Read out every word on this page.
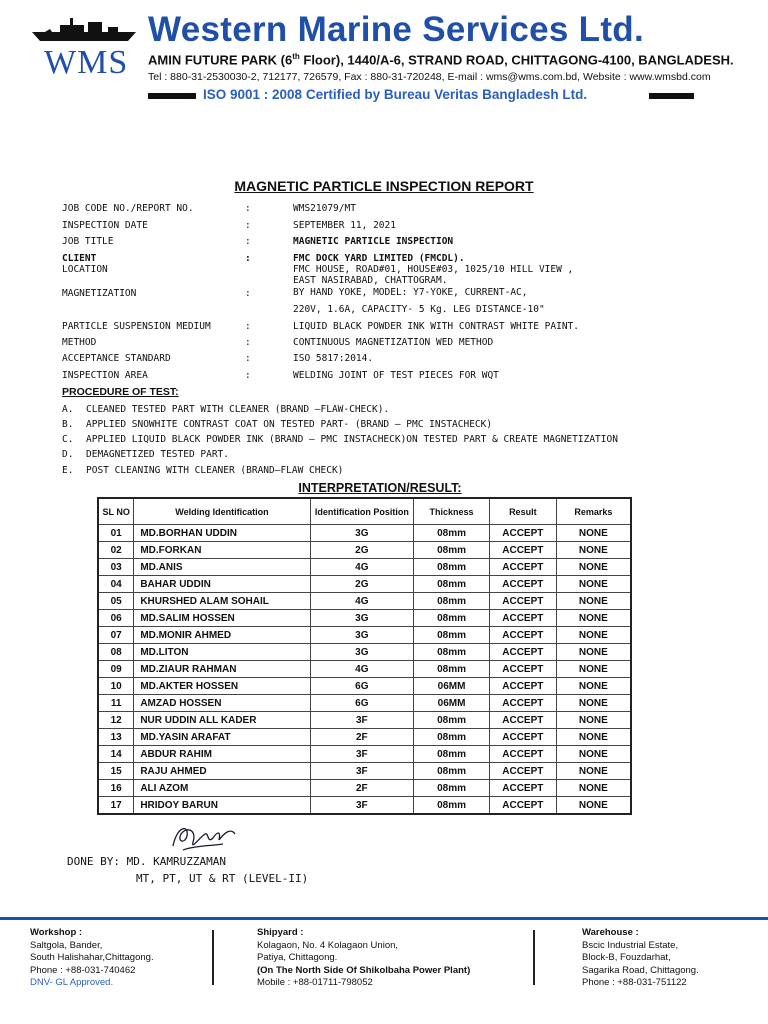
WMS
Western Marine Services Ltd.
AMIN FUTURE PARK (6th Floor), 1440/A-6, STRAND ROAD, CHITTAGONG-4100, BANGLADESH.
Tel : 880-31-2530030-2, 712177, 726579, Fax : 880-31-720248, E-mail : wms@wms.com.bd, Website : www.wmsbd.com
ISO 9001 : 2008 Certified by Bureau Veritas Bangladesh Ltd.
MAGNETIC PARTICLE INSPECTION REPORT
JOB CODE NO./REPORT NO.	:	WMS21079/MT
INSPECTION DATE	:	SEPTEMBER 11, 2021
JOB TITLE	:	MAGNETIC PARTICLE INSPECTION
CLIENT	:	FMC DOCK YARD LIMITED (FMCDL).
LOCATION	FMC HOUSE, ROAD#01, HOUSE#03, 1025/10 HILL VIEW ,
EAST NASIRABAD, CHATTOGRAM.
MAGNETIZATION	:	BY HAND YOKE, MODEL: Y7-YOKE, CURRENT-AC,
220V, 1.6A, CAPACITY- 5 Kg. LEG DISTANCE-10"
PARTICLE SUSPENSION MEDIUM	:	LIQUID BLACK POWDER INK WITH CONTRAST WHITE PAINT.
METHOD	:	CONTINUOUS MAGNETIZATION WED METHOD
ACCEPTANCE STANDARD	:	ISO 5817:2014.
INSPECTION AREA	:	WELDING JOINT OF TEST PIECES FOR WQT
PROCEDURE OF TEST:
A. CLEANED TESTED PART WITH CLEANER (BRAND –FLAW-CHECK).
B. APPLIED SNOWHITE CONTRAST COAT ON TESTED PART- (BRAND – PMC INSTACHECK)
C. APPLIED LIQUID BLACK POWDER INK (BRAND – PMC INSTACHECK)ON TESTED PART & CREATE MAGNETIZATION
D. DEMAGNETIZED TESTED PART.
E. POST CLEANING WITH CLEANER (BRAND–FLAW CHECK)
INTERPRETATION/RESULT:
SL NO	Welding Identification	Identification Position	Thickness	Result	Remarks
01	MD.BORHAN UDDIN	3G	08mm	ACCEPT	NONE
02	MD.FORKAN	2G	08mm	ACCEPT	NONE
03	MD.ANIS	4G	08mm	ACCEPT	NONE
04	BAHAR UDDIN	2G	08mm	ACCEPT	NONE
05	KHURSHED ALAM SOHAIL	4G	08mm	ACCEPT	NONE
06	MD.SALIM HOSSEN	3G	08mm	ACCEPT	NONE
07	MD.MONIR AHMED	3G	08mm	ACCEPT	NONE
08	MD.LITON	3G	08mm	ACCEPT	NONE
09	MD.ZIAUR RAHMAN	4G	08mm	ACCEPT	NONE
10	MD.AKTER HOSSEN	6G	06MM	ACCEPT	NONE
11	AMZAD HOSSEN	6G	06MM	ACCEPT	NONE
12	NUR UDDIN ALL KADER	3F	08mm	ACCEPT	NONE
13	MD.YASIN ARAFAT	2F	08mm	ACCEPT	NONE
14	ABDUR RAHIM	3F	08mm	ACCEPT	NONE
15	RAJU AHMED	3F	08mm	ACCEPT	NONE
16	ALI AZOM	2F	08mm	ACCEPT	NONE
17	HRIDOY BARUN	3F	08mm	ACCEPT	NONE
DONE BY: MD. KAMRUZZAMAN
MT, PT, UT & RT (LEVEL-II)
Workshop :
Saltgola, Bander,
South Halishahar,Chittagong.
Phone : +88-031-740462
DNV- GL Approved.
Shipyard :
Kolagaon, No. 4 Kolagaon Union,
Patiya, Chittagong.
(On The North Side Of Shikolbaha Power Plant)
Mobile : +88-01711-798052
Warehouse :
Bscic Industrial Estate,
Block-B, Fouzdarhat,
Sagarika Road, Chittagong.
Phone : +88-031-751122
